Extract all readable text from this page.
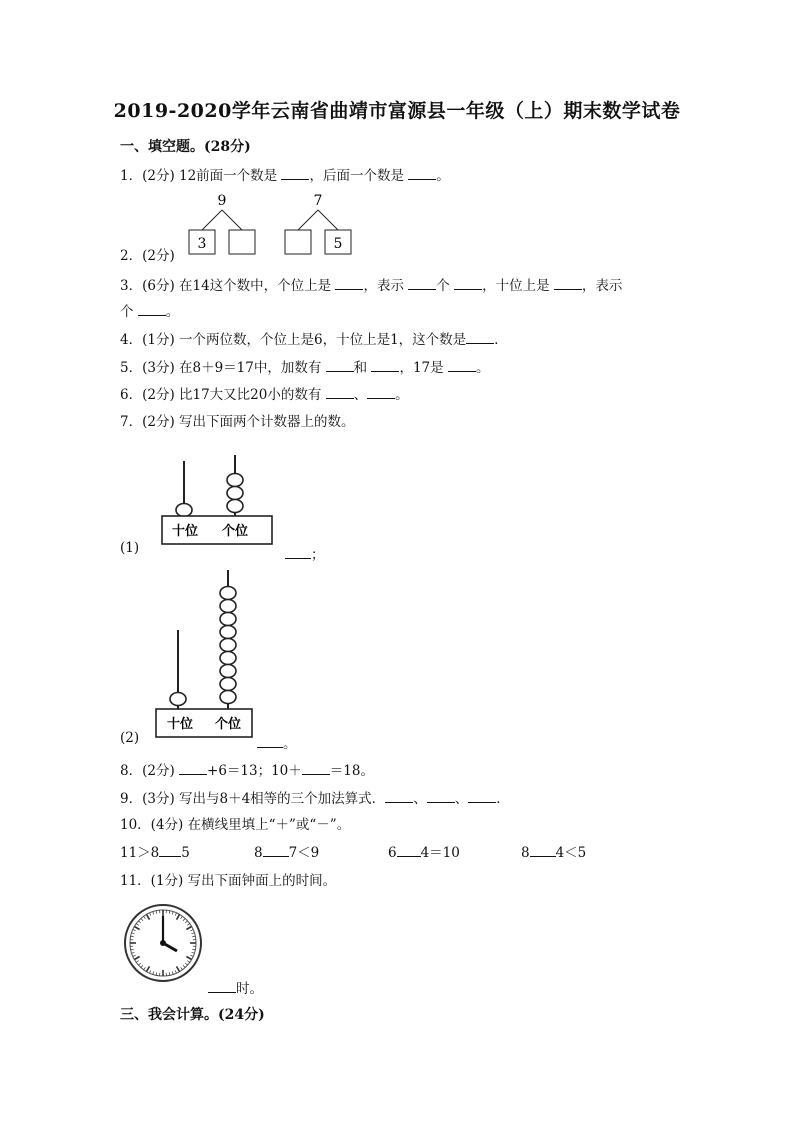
2019-2020学年云南省曲靖市富源县一年级（上）期末数学试卷
一、填空题。(28分)
1．(2分) 12前面一个数是 ，后面一个数是 。
9
3
7
5
2．(2分)
3．(6分) 在14这个数中，个位上是 ，表示 个 ，十位上是 ，表示
个 。
4．(1分) 一个两位数，个位上是6，十位上是1，这个数是 ．
5．(3分) 在8＋9＝17中，加数有 和 ，17是 。
6．(2分) 比17大又比20小的数有 、 。
7．(2分) 写出下面两个计数器上的数。
十位 个位
(1)	；
十位 个位
(2)	。
8．(2分) +6＝13；10＋ ＝18。
9．(3分) 写出与8＋4相等的三个加法算式． 、 、 ．
10．(4分) 在横线里填上“＋”或“－”。
11＞8 5	8 7＜9	6 4＝10	8 4＜5
11．(1分) 写出下面钟面上的时间。
时。
三、我会计算。(24分)
